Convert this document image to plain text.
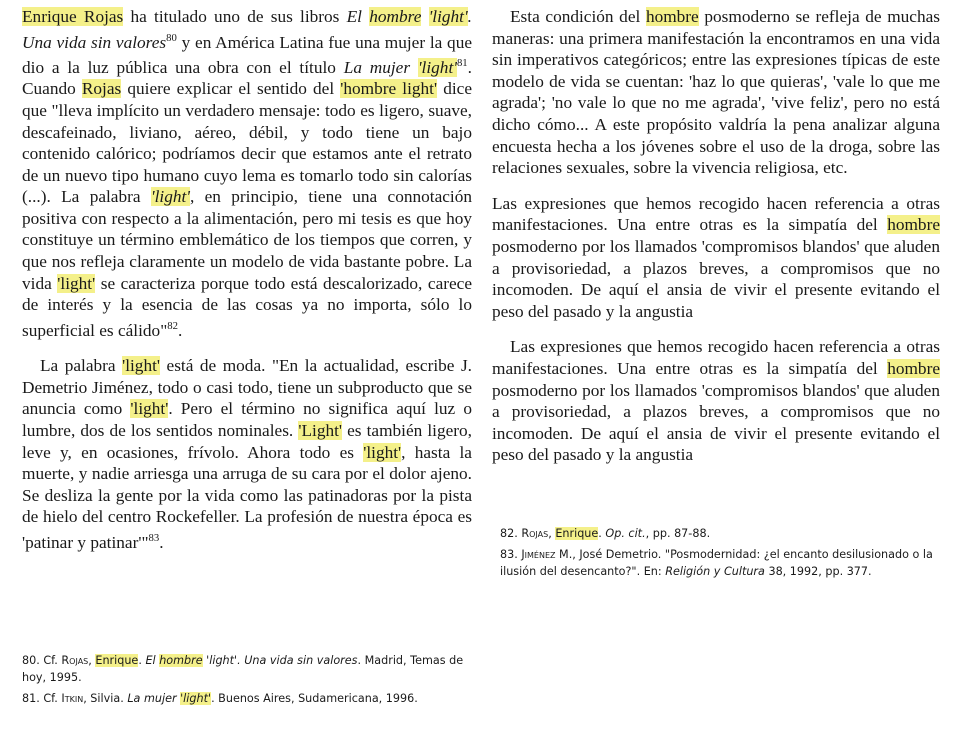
Enrique Rojas ha titulado uno de sus libros El hombre 'light'. Una vida sin valores$^{80}$ y en América Latina fue una mujer la que dio a la luz pública una obra con el título La mujer '$light'^{81}$. Cuando Rojas quiere explicar el sentido del 'hombre light' dice que "lleva implícito un verdadero mensaje: todo es ligero, suave, descafeinado, liviano, aéreo, débil, y todo tiene un bajo contenido calórico; podríamos decir que estamos ante el retrato de un nuevo tipo humano cuyo lema es tomarlo todo sin calorías (...). La palabra 'light', en principio, tiene una connotación positiva con respecto a la alimentación, pero mi tesis es que hoy constituye un término emblemático de los tiempos que corren, y que nos refleja claramente un modelo de vida bastante pobre. La vida 'light' se caracteriza porque todo está descalorizado, carece de interés y la esencia de las cosas ya no importa, sólo lo superficial es cálido"$^{82}$.

La palabra 'light' está de moda. "En la actualidad, escribe J. Demetrio Jiménez, todo o casi todo, tiene un subproducto que se anuncia como 'light'. Pero el término no significa aquí luz o lumbre, dos de los sentidos nominales. 'Light' es también ligero, leve y, en ocasiones, frívolo. Ahora todo es 'light', hasta la muerte, y nadie arriesga una arruga de su cara por el dolor ajeno. Se desliza la gente por la vida como las patinadoras por la pista de hielo del centro Rockefeller. La profesión de nuestra época es 'patinar y patinar'"$^{83}$.

Esta condición del hombre posmoderno se refleja de muchas maneras: una primera manifestación la encontramos en una vida sin imperativos categóricos; entre las expresiones típicas de este modelo de vida se cuentan: 'haz lo que quieras', 'vale lo que me agrada'; 'no vale lo que no me agrada', 'vive feliz', pero no está dicho cómo... A este propósito valdría la pena analizar alguna encuesta hecha a los jóvenes sobre el uso de la droga, sobre las relaciones sexuales, sobre la vivencia religiosa, etc.

Las expresiones que hemos recogido hacen referencia a otras manifestaciones. Una entre otras es la simpatía del hombre posmoderno por los llamados 'compromisos blandos' que aluden a provisoriedad, a plazos breves, a compromisos que no incomoden. De aquí el ansia de vivir el presente evitando el peso del pasado y la angustia

Las expresiones que hemos recogido hacen referencia a otras manifestaciones. Una entre otras es la simpatía del hombre posmoderno por los llamados 'compromisos blandos' que aluden a provisoriedad, a plazos breves, a compromisos que no incomoden. De aquí el ansia de vivir el presente evitando el peso del pasado y la angustia

80. Cf. Rojas, Enrique. El hombre 'light'. Una vida sin valores. Madrid, Temas de hoy, 1995.
81. Cf. Itkin, Silvia. La mujer 'light'. Buenos Aires, Sudamericana, 1996.
82. Rojas, Enrique. Op. cit., pp. 87-88.
83. Jiménez M., José Demetrio. "Posmodernidad: ¿el encanto desilusionado o la ilusión del desencanto?". En: Religión y Cultura 38, 1992, pp. 377.
